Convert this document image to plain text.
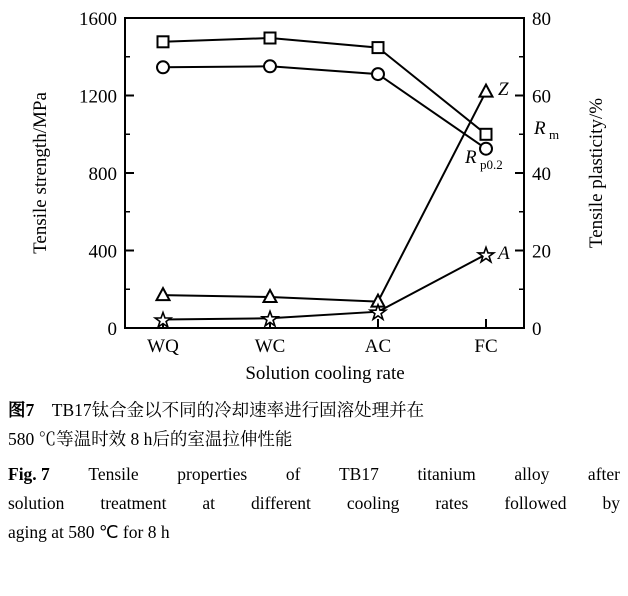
0
400
800
1200
1600
0
20
40
60
80
WQ	WC	AC	FC
Solution cooling rate
Tensile strength/MPa	Tensile plasticity/%
Z
R m
R p0.2
A
图7 TB17钛合金以不同的冷却速率进行固溶处理并在
580 ℃等温时效 8 h后的室温拉伸性能
Fig. 7 Tensile properties of TB17 titanium alloy after
solution treatment at different cooling rates followed by
aging at 580 ℃ for 8 h
